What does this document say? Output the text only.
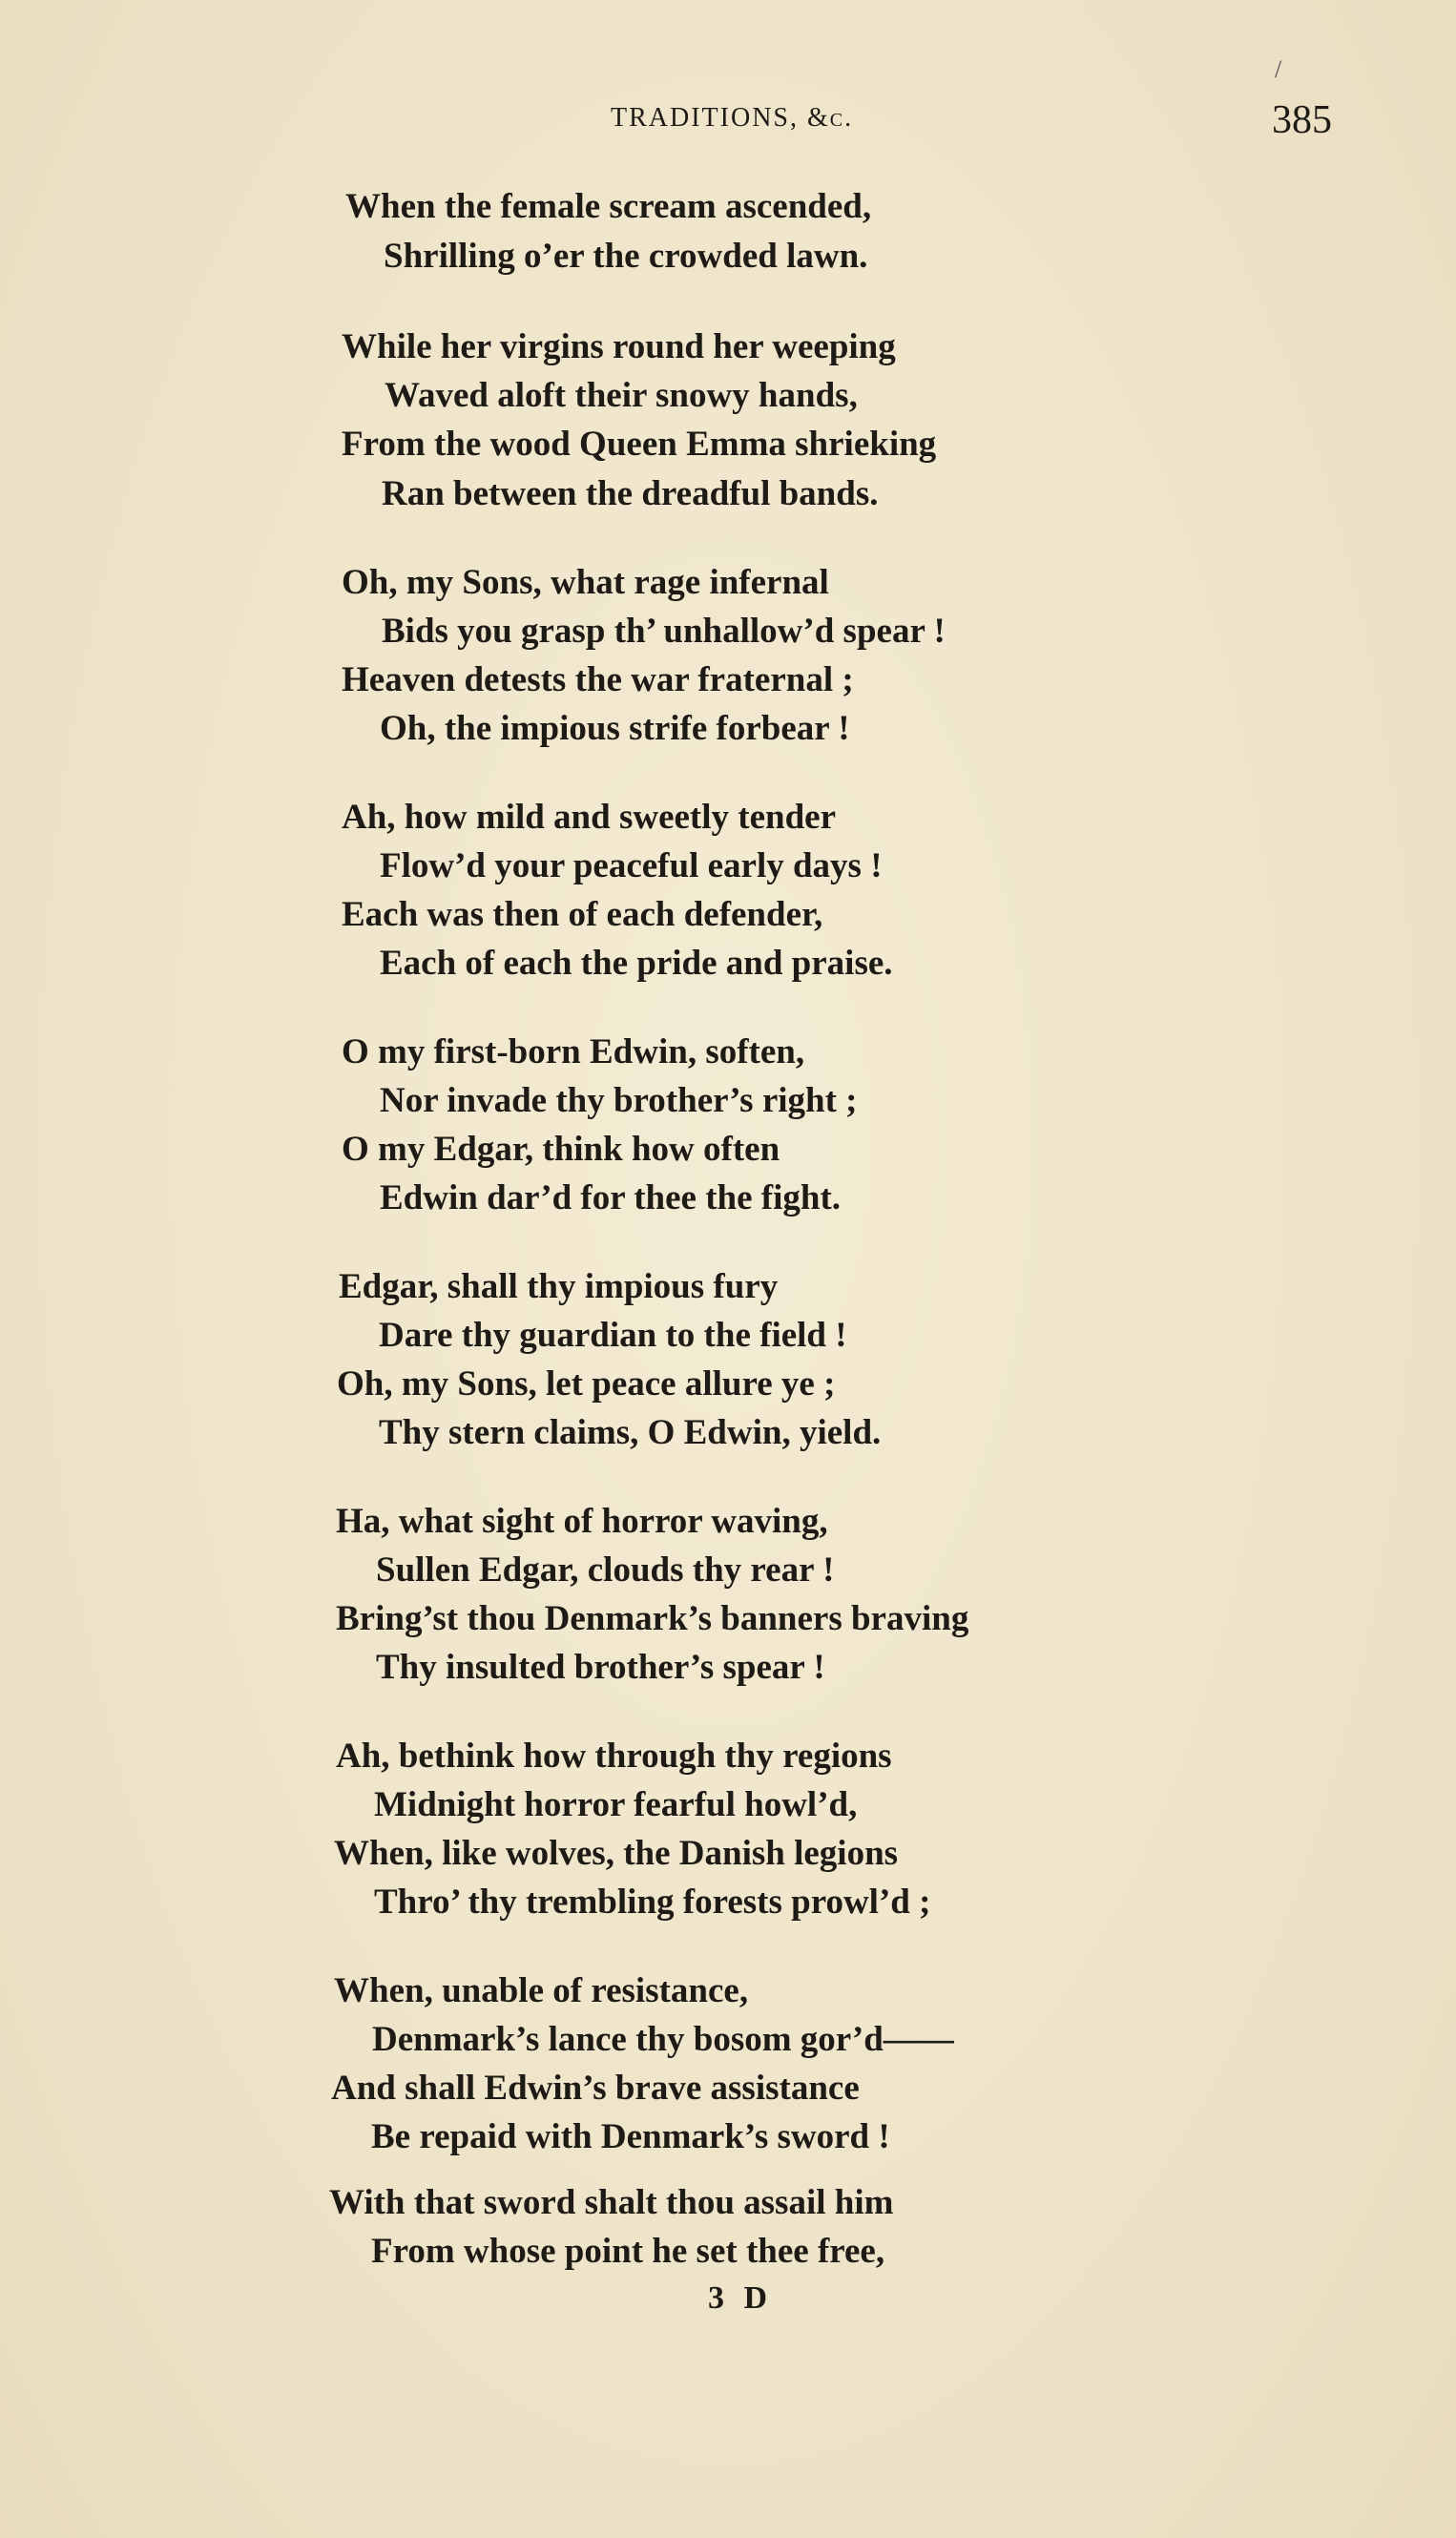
/
TRADITIONS, &c.	385
When the female scream ascended,
Shrilling o’er the crowded lawn.
While her virgins round her weeping
Waved aloft their snowy hands,
From the wood Queen Emma shrieking
Ran between the dreadful bands.
Oh, my Sons, what rage infernal
Bids you grasp th’ unhallow’d spear !
Heaven detests the war fraternal ;
Oh, the impious strife forbear !
Ah, how mild and sweetly tender
Flow’d your peaceful early days !
Each was then of each defender,
Each of each the pride and praise.
O my first-born Edwin, soften,
Nor invade thy brother’s right ;
O my Edgar, think how often
Edwin dar’d for thee the fight.
Edgar, shall thy impious fury
Dare thy guardian to the field !
Oh, my Sons, let peace allure ye ;
Thy stern claims, O Edwin, yield.
Ha, what sight of horror waving,
Sullen Edgar, clouds thy rear !
Bring’st thou Denmark’s banners braving
Thy insulted brother’s spear !
Ah, bethink how through thy regions
Midnight horror fearful howl’d,
When, like wolves, the Danish legions
Thro’ thy trembling forests prowl’d ;
When, unable of resistance,
Denmark’s lance thy bosom gor’d——
And shall Edwin’s brave assistance
Be repaid with Denmark’s sword !
With that sword shalt thou assail him
From whose point he set thee free,
3 D
